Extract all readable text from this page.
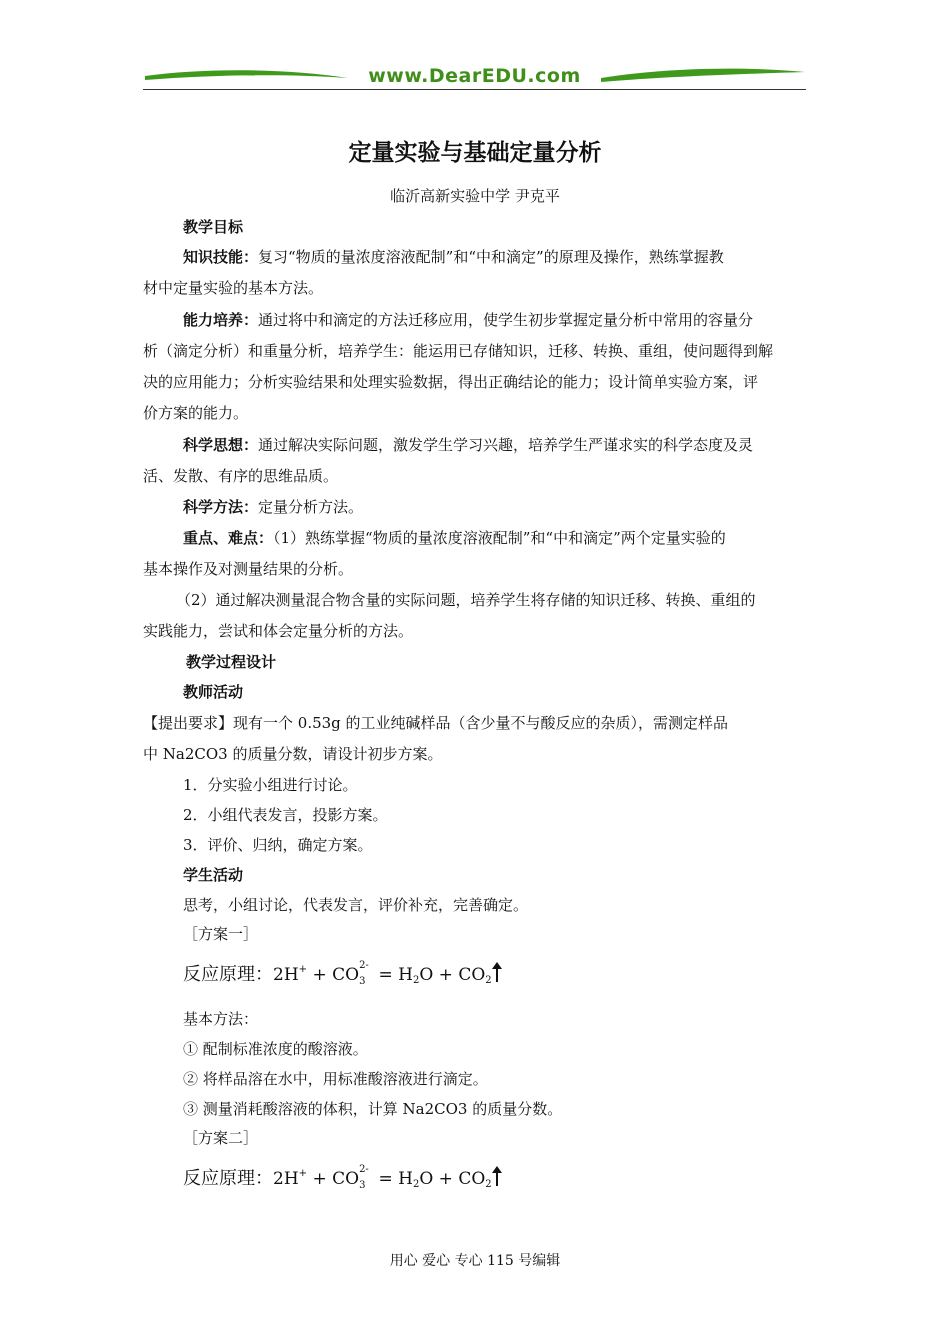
www.DearEDU.com
定量实验与基础定量分析
临沂高新实验中学 尹克平
教学目标
知识技能：复习“物质的量浓度溶液配制”和“中和滴定”的原理及操作，熟练掌握教
材中定量实验的基本方法。
能力培养：通过将中和滴定的方法迁移应用，使学生初步掌握定量分析中常用的容量分
析（滴定分析）和重量分析，培养学生：能运用已存储知识，迁移、转换、重组，使问题得到解
决的应用能力；分析实验结果和处理实验数据，得出正确结论的能力；设计简单实验方案，评
价方案的能力。
科学思想：通过解决实际问题，激发学生学习兴趣，培养学生严谨求实的科学态度及灵
活、发散、有序的思维品质。
科学方法：定量分析方法。
重点、难点：（1）熟练掌握“物质的量浓度溶液配制”和“中和滴定”两个定量实验的
基本操作及对测量结果的分析。
（2）通过解决测量混合物含量的实际问题，培养学生将存储的知识迁移、转换、重组的
实践能力，尝试和体会定量分析的方法。
教学过程设计
教师活动
【提出要求】现有一个 0.53g 的工业纯碱样品（含少量不与酸反应的杂质），需测定样品
中 Na2CO3 的质量分数，请设计初步方案。
1．分实验小组进行讨论。
2．小组代表发言，投影方案。
3．评价、归纳，确定方案。
学生活动
思考，小组讨论，代表发言，评价补充，完善确定。
［方案一］
反应原理：2H+ + CO 2-
$3 = H_2O + CO_2$
基本方法：
① 配制标准浓度的酸溶液。
② 将样品溶在水中，用标准酸溶液进行滴定。
③ 测量消耗酸溶液的体积，计算 Na2CO3 的质量分数。
［方案二］
反应原理：2H+ + CO 2-
$3 = H_2O + CO_2$
用心 爱心 专心 115 号编辑
